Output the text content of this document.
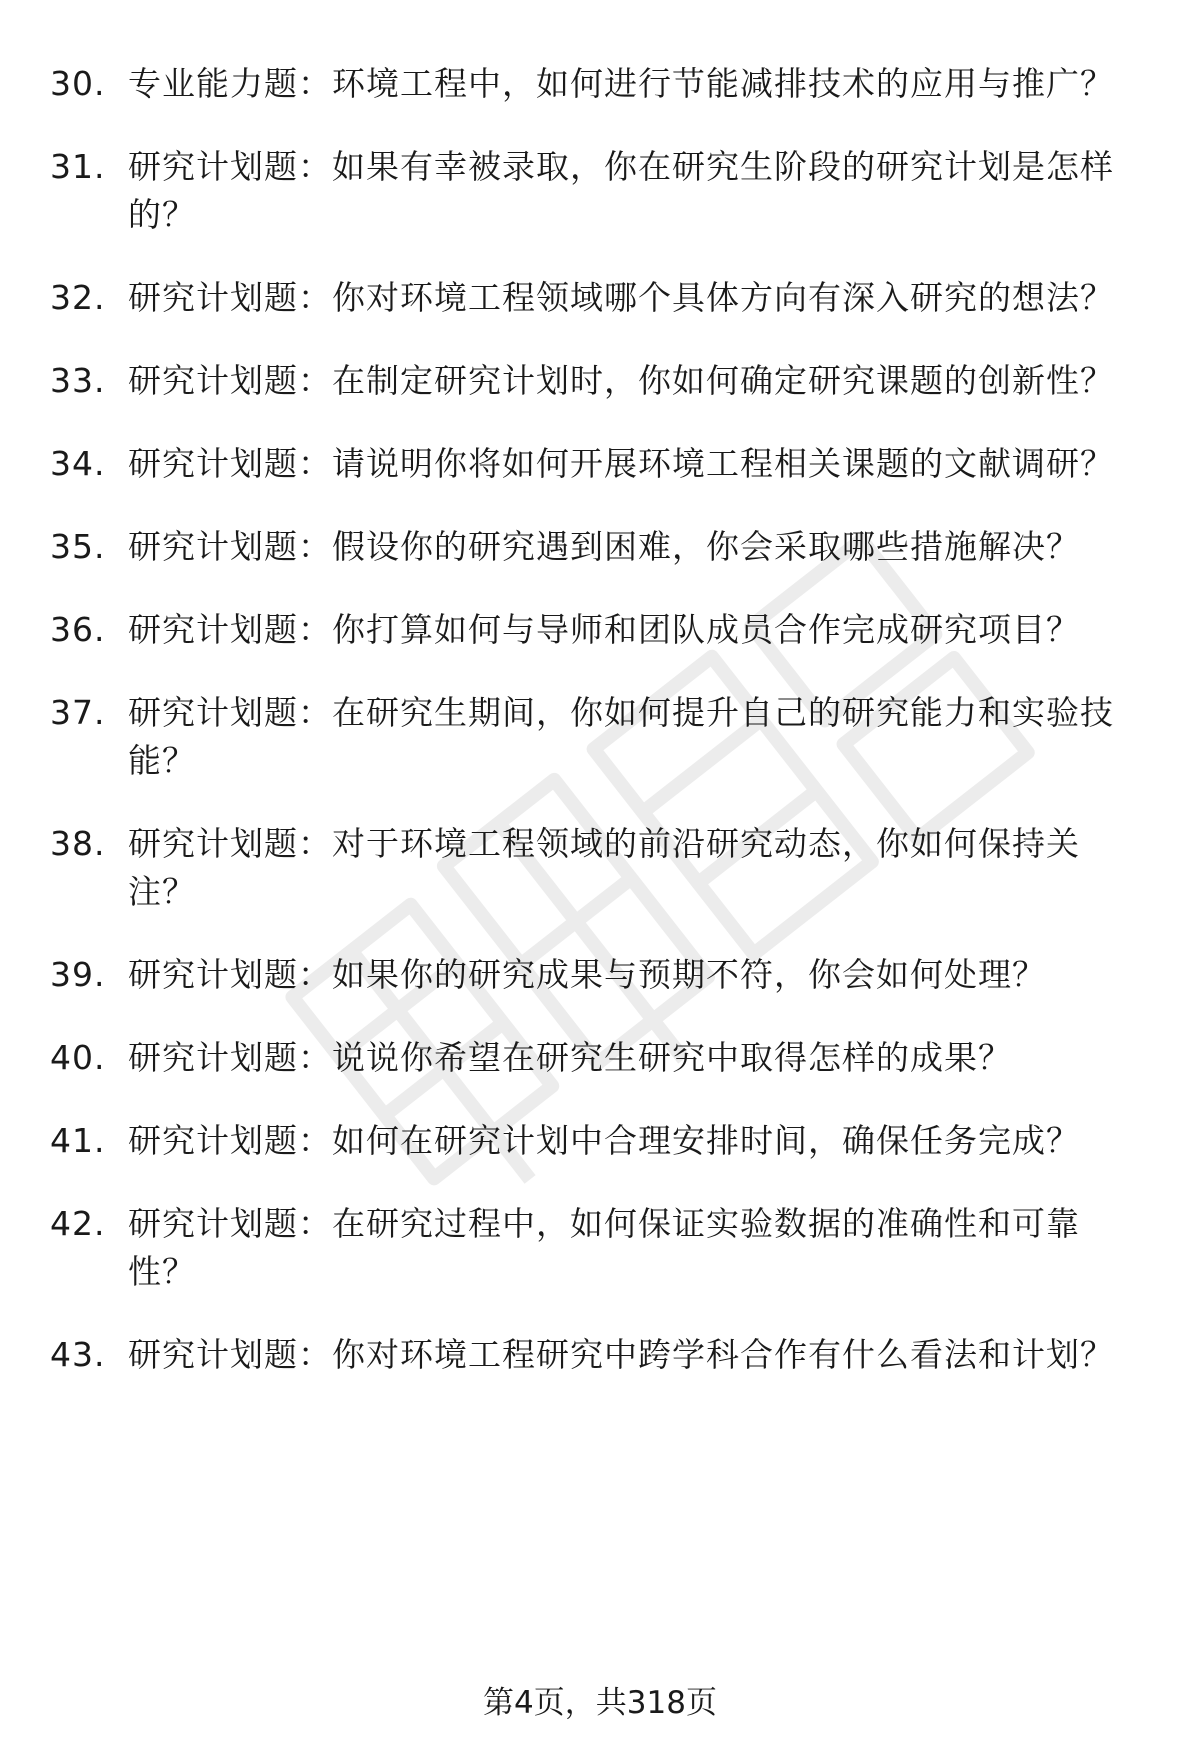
30. 专业能力题：环境工程中，如何进行节能减排技术的应用与推广？
31. 研究计划题：如果有幸被录取，你在研究生阶段的研究计划是怎样的？
32. 研究计划题：你对环境工程领域哪个具体方向有深入研究的想法？
33. 研究计划题：在制定研究计划时，你如何确定研究课题的创新性？
34. 研究计划题：请说明你将如何开展环境工程相关课题的文献调研？
35. 研究计划题：假设你的研究遇到困难，你会采取哪些措施解决？
36. 研究计划题：你打算如何与导师和团队成员合作完成研究项目？
37. 研究计划题：在研究生期间，你如何提升自己的研究能力和实验技能？
38. 研究计划题：对于环境工程领域的前沿研究动态，你如何保持关注？
39. 研究计划题：如果你的研究成果与预期不符，你会如何处理？
40. 研究计划题：说说你希望在研究生研究中取得怎样的成果？
41. 研究计划题：如何在研究计划中合理安排时间，确保任务完成？
42. 研究计划题：在研究过程中，如何保证实验数据的准确性和可靠性？
43. 研究计划题：你对环境工程研究中跨学科合作有什么看法和计划？
第4页，共318页
